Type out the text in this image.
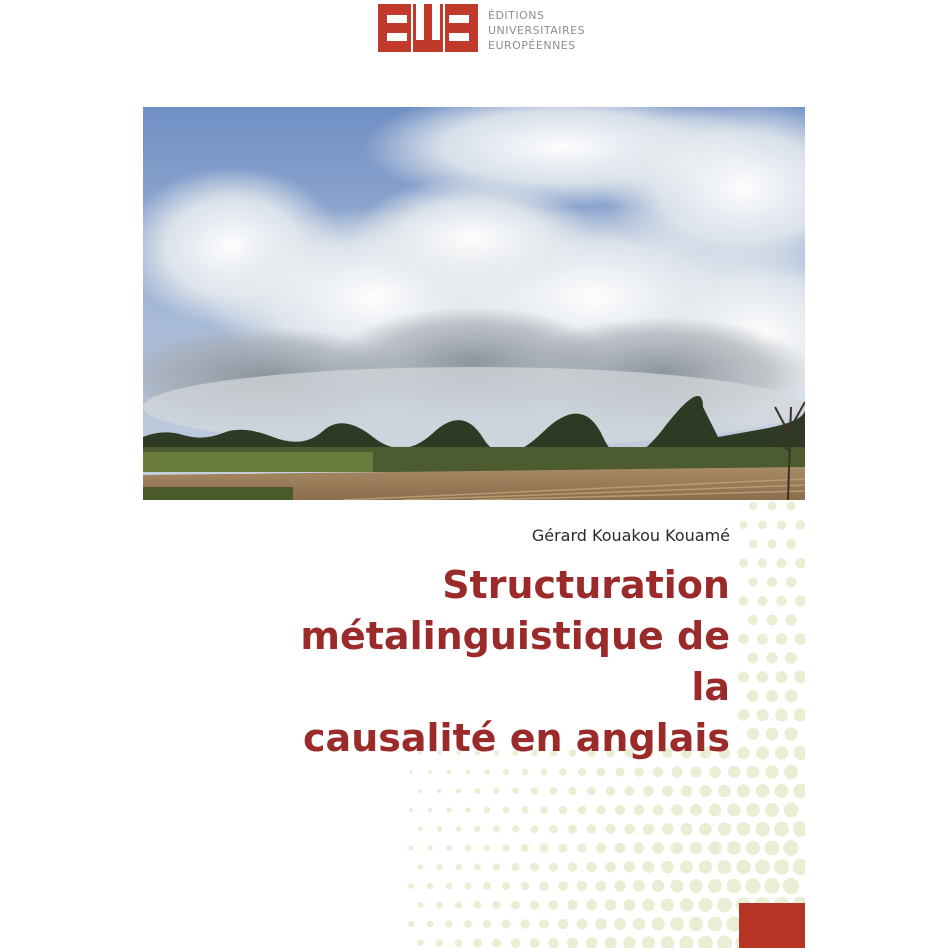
ÉDITIONS
UNIVERSITAIRES
EUROPÉENNES
Gérard Kouakou Kouamé
Structuration
métalinguistique de la
causalité en anglais
